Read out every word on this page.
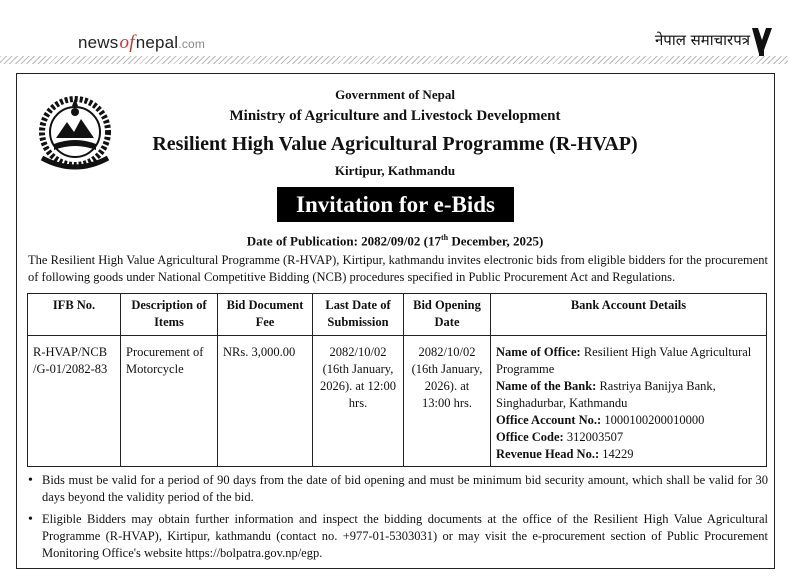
newsofnepal.com	नेपाल समाचारपत्र
Government of Nepal
Ministry of Agriculture and Livestock Development
Resilient High Value Agricultural Programme (R-HVAP)
Kirtipur, Kathmandu
Invitation for e-Bids
Date of Publication: 2082/09/02 (17th December, 2025)
The Resilient High Value Agricultural Programme (R-HVAP), Kirtipur, kathmandu invites electronic bids from eligible bidders for the procurement of following goods under National Competitive Bidding (NCB) procedures specified in Public Procurement Act and Regulations.
IFB No.	Description of Items	Bid Document Fee	Last Date of Submission	Bid Opening Date	Bank Account Details
R-HVAP/NCB /G-01/2082-83	Procurement of Motorcycle	NRs. 3,000.00	2082/10/02 (16th January, 2026). at 12:00 hrs.	2082/10/02 (16th January, 2026). at 13:00 hrs.	Name of Office: Resilient High Value Agricultural Programme
Name of the Bank: Rastriya Banijya Bank, Singhadurbar, Kathmandu
Office Account No.: 1000100200010000
Office Code: 312003507
Revenue Head No.: 14229
• Bids must be valid for a period of 90 days from the date of bid opening and must be minimum bid security amount, which shall be valid for 30 days beyond the validity period of the bid.
• Eligible Bidders may obtain further information and inspect the bidding documents at the office of the Resilient High Value Agricultural Programme (R-HVAP), Kirtipur, kathmandu (contact no. +977-01-5303031) or may visit the e-procurement section of Public Procurement Monitoring Office's website https://bolpatra.gov.np/egp.
